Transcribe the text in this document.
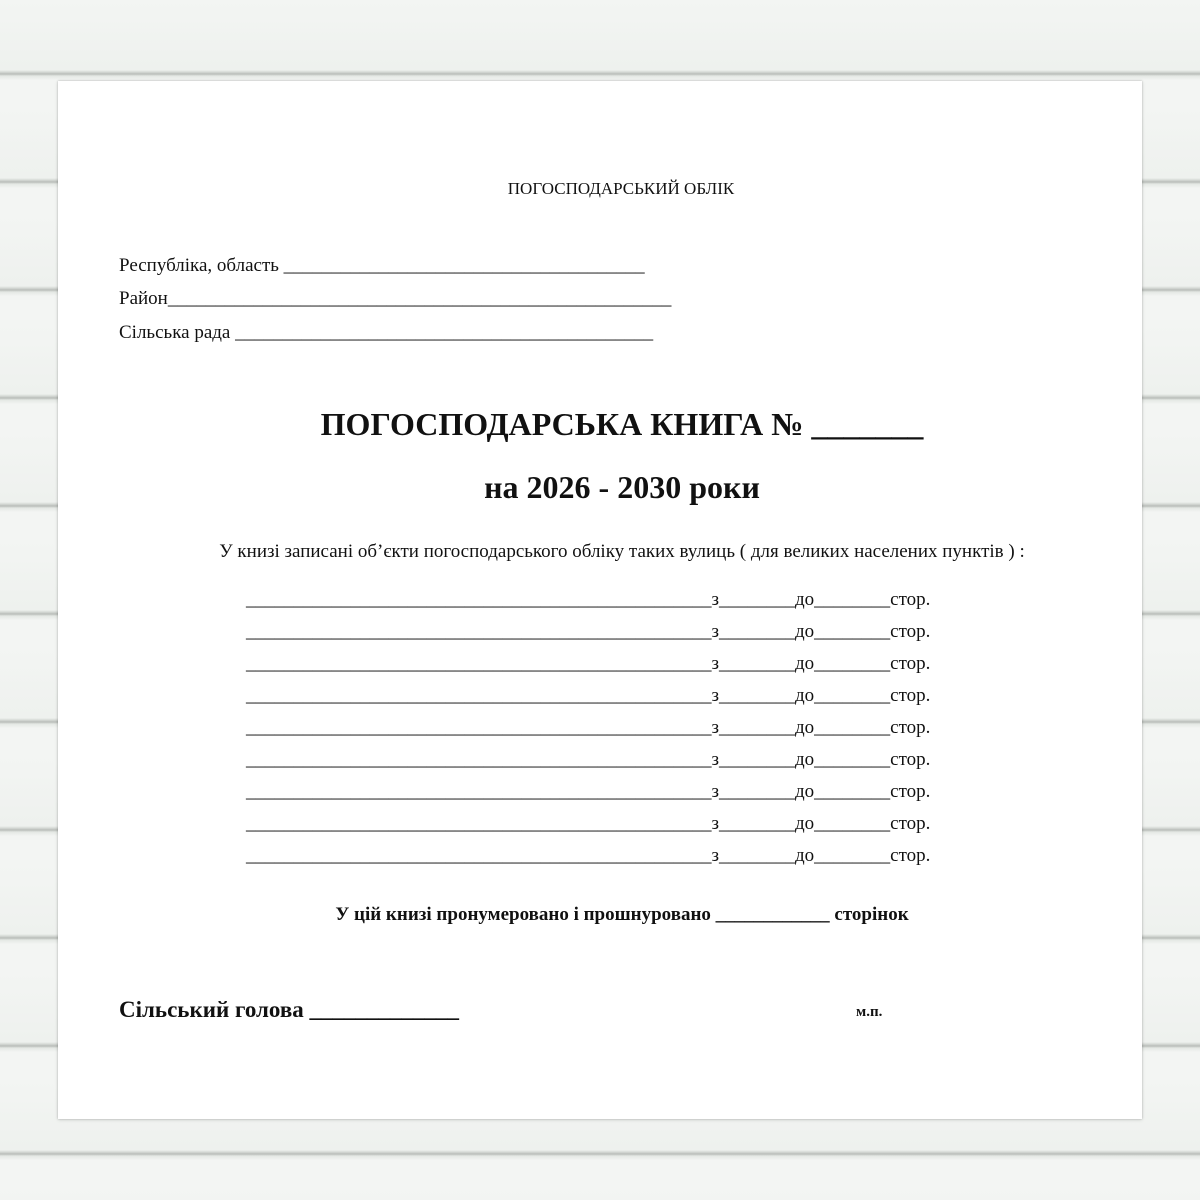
ПОГОСПОДАРСЬКИЙ ОБЛІК
Республіка, область ______________________________________
Район_____________________________________________________
Сільська рада ____________________________________________
ПОГОСПОДАРСЬКА КНИГА № _______
на 2026 - 2030 роки
У книзі записані об’єкти погосподарського обліку таких вулиць ( для великих населених пунктів ) :
_________________________________________________з________до________стор.
_________________________________________________з________до________стор.
_________________________________________________з________до________стор.
_________________________________________________з________до________стор.
_________________________________________________з________до________стор.
_________________________________________________з________до________стор.
_________________________________________________з________до________стор.
_________________________________________________з________до________стор.
_________________________________________________з________до________стор.
У цій книзі пронумеровано і прошнуровано ____________ сторінок
Сільський голова _____________	м.п.
